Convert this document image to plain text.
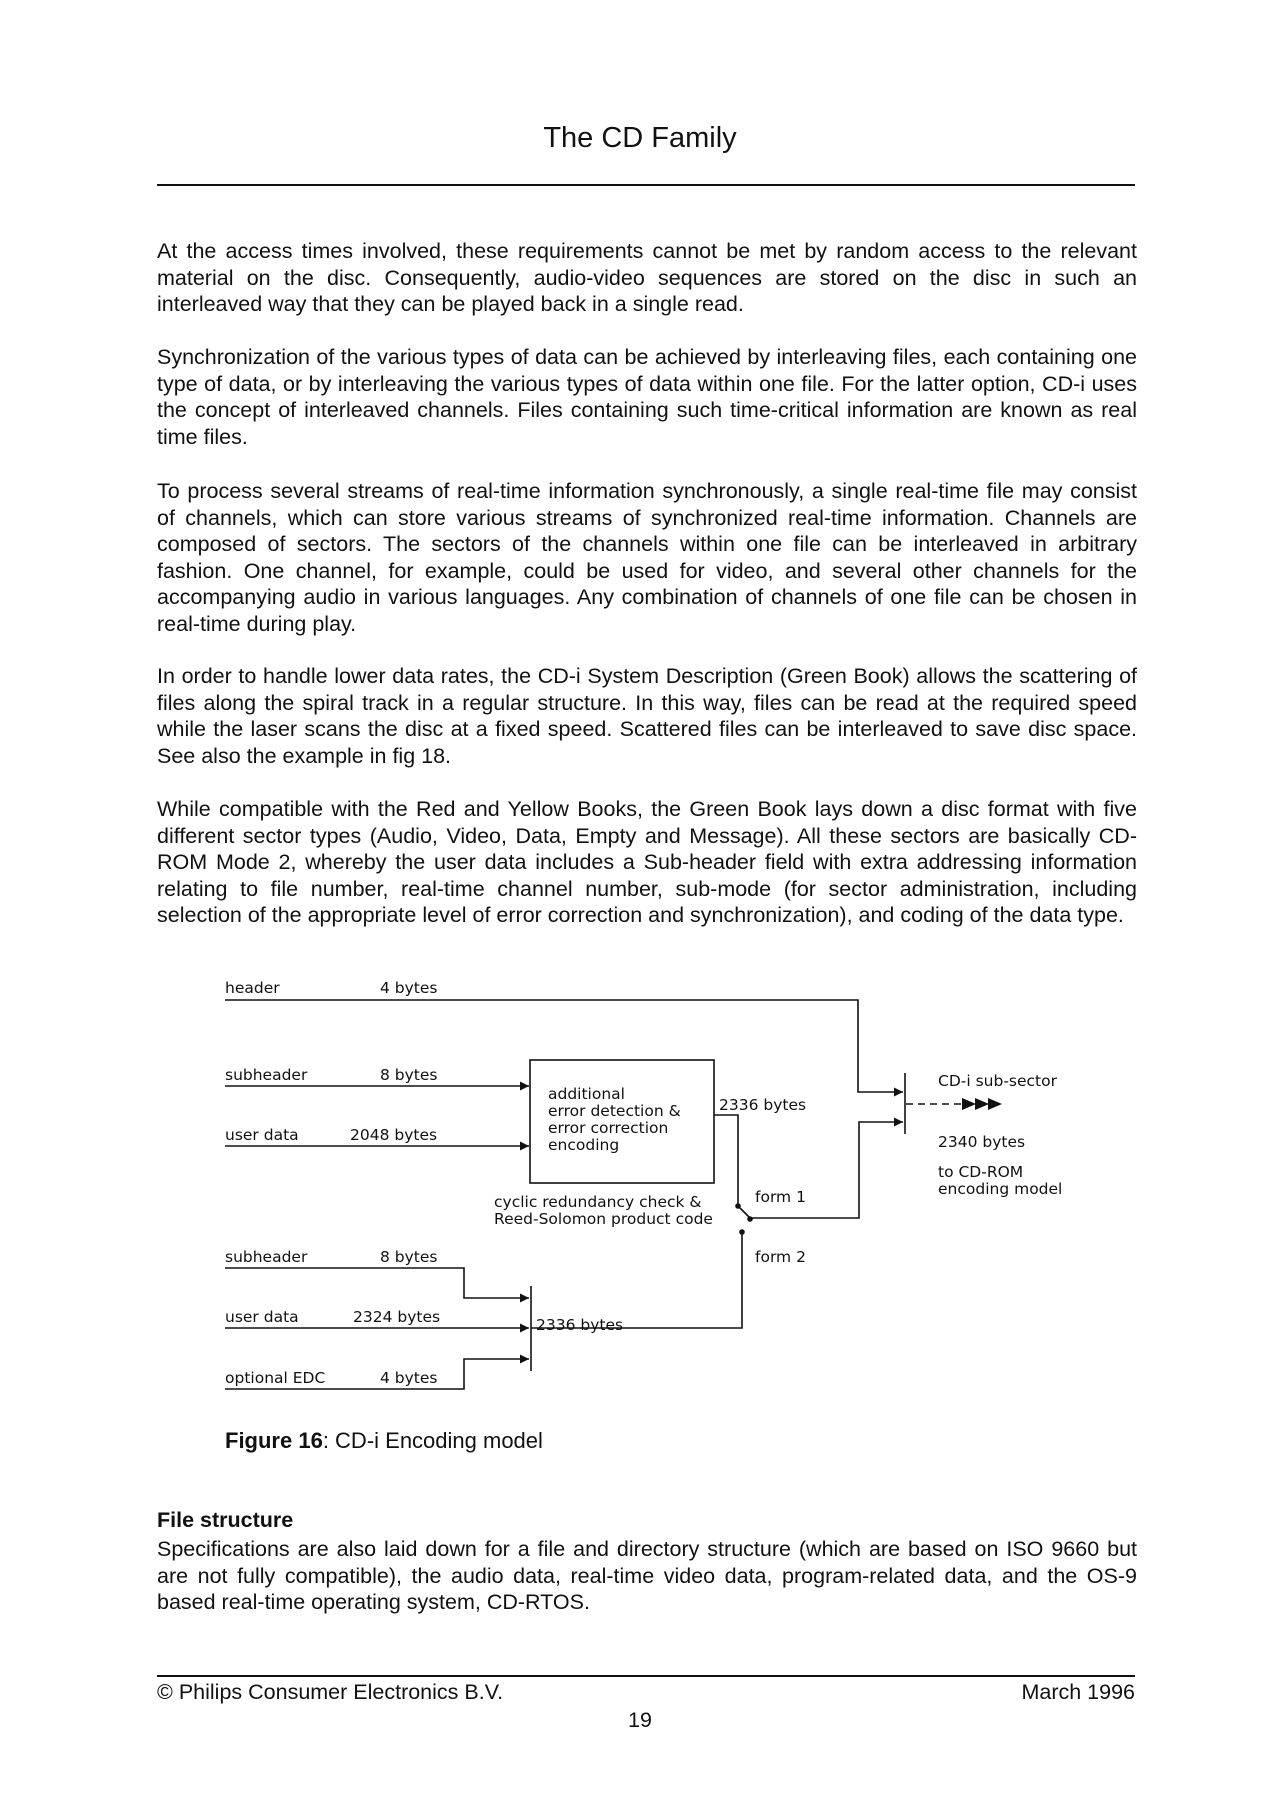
The CD Family

At the access times involved, these requirements cannot be met by random access to the relevant material on the disc. Consequently, audio-video sequences are stored on the disc in such an interleaved way that they can be played back in a single read.

Synchronization of the various types of data can be achieved by interleaving files, each containing one type of data, or by interleaving the various types of data within one file. For the latter option, CD-i uses the concept of interleaved channels. Files containing such time-critical information are known as real time files.

To process several streams of real-time information synchronously, a single real-time file may consist of channels, which can store various streams of synchronized real-time information. Channels are composed of sectors. The sectors of the channels within one file can be interleaved in arbitrary fashion. One channel, for example, could be used for video, and several other channels for the accompanying audio in various languages. Any combination of channels of one file can be chosen in real-time during play.

In order to handle lower data rates, the CD-i System Description (Green Book) allows the scattering of files along the spiral track in a regular structure. In this way, files can be read at the required speed while the laser scans the disc at a fixed speed. Scattered files can be interleaved to save disc space. See also the example in fig 18.

While compatible with the Red and Yellow Books, the Green Book lays down a disc format with five different sector types (Audio, Video, Data, Empty and Message). All these sectors are basically CD-ROM Mode 2, whereby the user data includes a Sub-header field with extra addressing information relating to file number, real-time channel number, sub-mode (for sector administration, including selection of the appropriate level of error correction and synchronization), and coding of the data type.

header	4 bytes
subheader	8 bytes
user data	2048 bytes
additional
error detection &
error correction
encoding
cyclic redundancy check &
Reed-Solomon product code
2336 bytes
form 1
form 2
CD-i sub-sector
2340 bytes
to CD-ROM
encoding model
subheader	8 bytes
user data	2324 bytes
optional EDC	4 bytes
2336 bytes
Figure 16: CD-i Encoding model
File structure

Specifications are also laid down for a file and directory structure (which are based on ISO 9660 but are not fully compatible), the audio data, real-time video data, program-related data, and the OS-9 based real-time operating system, CD-RTOS.

© Philips Consumer Electronics B.V.	March 1996
19
